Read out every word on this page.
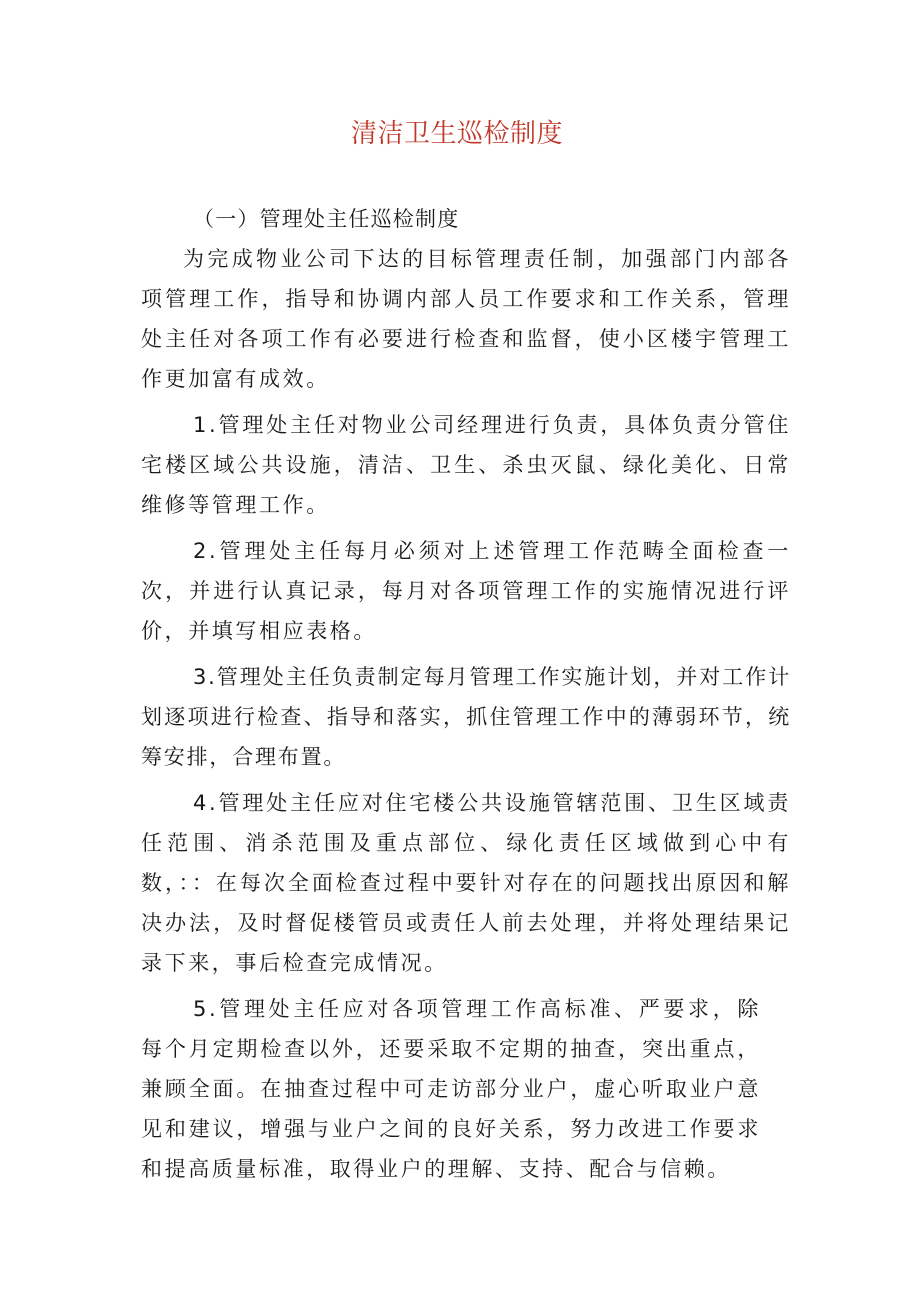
清洁卫生巡检制度

（一）管理处主任巡检制度

为完成物业公司下达的目标管理责任制，加强部门内部各项管理工作，指导和协调内部人员工作要求和工作关系，管理处主任对各项工作有必要进行检查和监督，使小区楼宇管理工作更加富有成效。

1.管理处主任对物业公司经理进行负责，具体负责分管住宅楼区域公共设施，清洁、卫生、杀虫灭鼠、绿化美化、日常维修等管理工作。

2.管理处主任每月必须对上述管理工作范畴全面检查一次，并进行认真记录，每月对各项管理工作的实施情况进行评价，并填写相应表格。

3.管理处主任负责制定每月管理工作实施计划，并对工作计划逐项进行检查、指导和落实，抓住管理工作中的薄弱环节，统筹安排，合理布置。

4.管理处主任应对住宅楼公共设施管辖范围、卫生区域责任范围、消杀范围及重点部位、绿化责任区域做到心中有数，：：在每次全面检查过程中要针对存在的问题找出原因和解决办法，及时督促楼管员或责任人前去处理，并将处理结果记录下来，事后检查完成情况。

5.管理处主任应对各项管理工作高标准、严要求，除每个月定期检查以外，还要采取不定期的抽查，突出重点，兼顾全面。在抽查过程中可走访部分业户，虚心听取业户意见和建议，增强与业户之间的良好关系，努力改进工作要求和提高质量标准，取得业户的理解、支持、配合与信赖。
